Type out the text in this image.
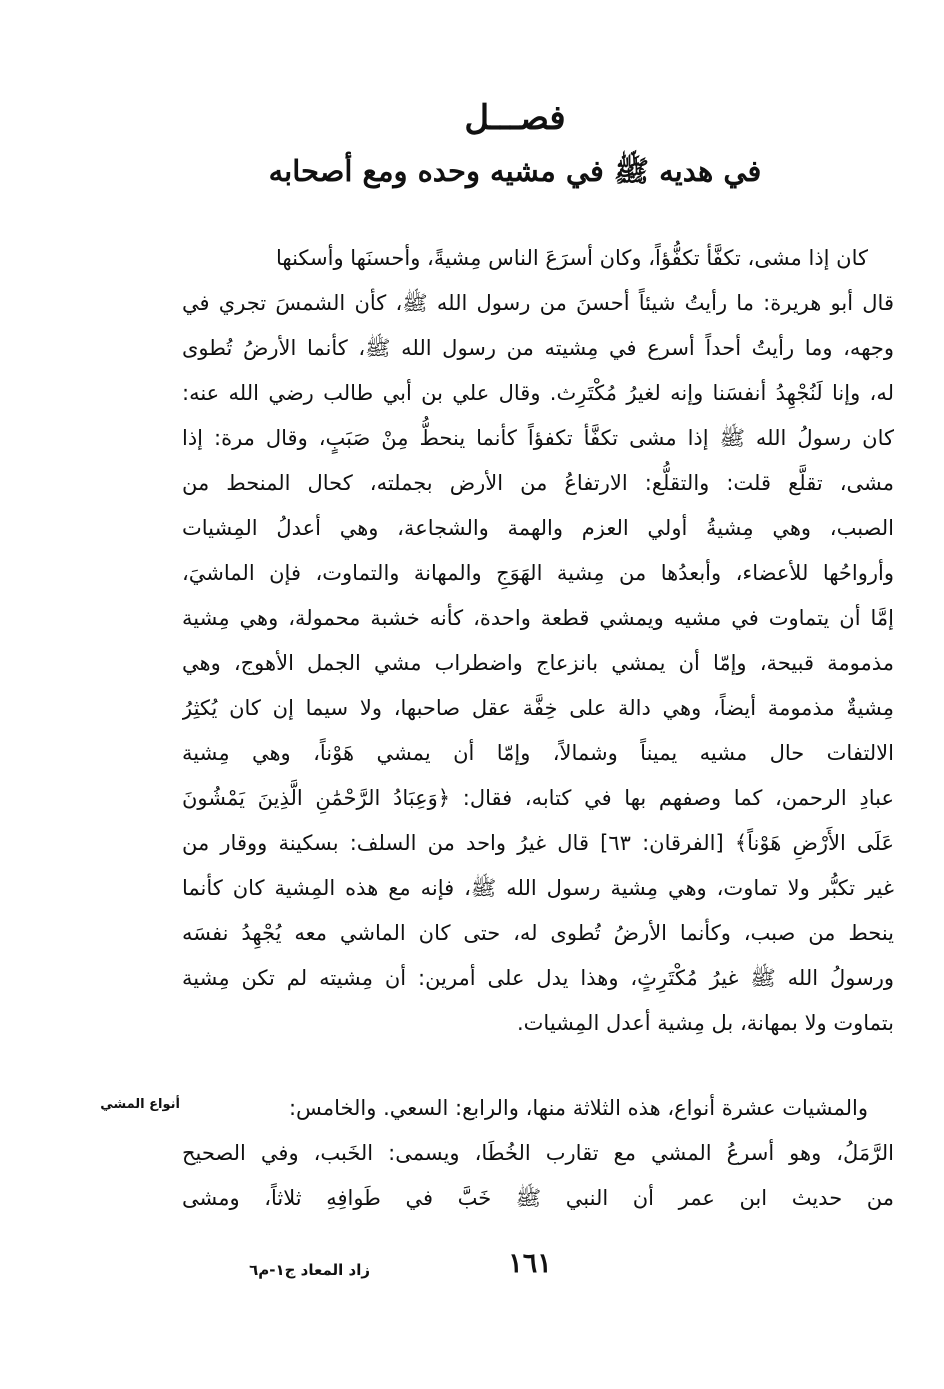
فصـــل
في هديه ﷺ في مشيه وحده ومع أصحابه
كان إذا مشى، تكفَّأ تكفُّؤاً، وكان أسرَعَ الناس مِشيةً، وأحسنَها وأسكنها
قال أبو هريرة: ما رأيتُ شيئاً أحسنَ من رسول الله ﷺ، كأن الشمسَ تجري في
وجهه، وما رأيتُ أحداً أسرع في مِشيته من رسول الله ﷺ، كأنما الأرضُ تُطوى
له، وإنا لَنُجْهِدُ أنفسَنا وإنه لغيرُ مُكْتَرِث. وقال علي بن أبي طالب رضي الله عنه:
كان رسولُ الله ﷺ إذا مشى تكفَّأ تكفؤاً كأنما ينحطُّ مِنْ صَبَبٍ، وقال مرة: إذا
مشى، تقلَّع قلت: والتقلُّع: الارتفاعُ من الأرض بجملته، كحال المنحط من
الصبب، وهي مِشيةُ أولي العزم والهمة والشجاعة، وهي أعدلُ المِشيات
وأرواحُها للأعضاء، وأبعدُها من مِشية الهَوَجِ والمهانة والتماوت، فإن الماشيَ،
إمَّا أن يتماوت في مشيه ويمشي قطعة واحدة، كأنه خشبة محمولة، وهي مِشية
مذمومة قبيحة، وإمّا أن يمشي بانزعاج واضطراب مشي الجمل الأهوج، وهي
مِشيةٌ مذمومة أيضاً، وهي دالة على خِفَّة عقل صاحبها، ولا سيما إن كان يُكثِرُ
الالتفات حال مشيه يميناً وشمالاً، وإمّا أن يمشي هَوْناً، وهي مِشية
عبادِ الرحمن، كما وصفهم بها في كتابه، فقال: ﴿وَعِبَادُ الرَّحْمَٰنِ الَّذِينَ يَمْشُونَ
عَلَى الأَرْضِ هَوْناً﴾ [الفرقان: ٦٣] قال غيرُ واحد من السلف: بسكينة ووقار من
غير تكبُّر ولا تماوت، وهي مِشية رسول الله ﷺ، فإنه مع هذه المِشية كان كأنما
ينحط من صبب، وكأنما الأرضُ تُطوى له، حتى كان الماشي معه يُجْهِدُ نفسَه
ورسولُ الله ﷺ غيرُ مُكْتَرِثٍ، وهذا يدل على أمرين: أن مِشيته لم تكن مِشية
بتماوت ولا بمهانة، بل مِشية أعدل المِشيات.
أنواع المشي	والمشيات عشرة أنواع، هذه الثلاثة منها، والرابع: السعي. والخامس:
الرَّمَلُ، وهو أسرعُ المشي مع تقارب الخُطَا، ويسمى: الخَبب، وفي الصحيح
من حديث ابن عمر أن النبي ﷺ خَبَّ في طَوافِهِ ثلاثاً، ومشى
١٦١
زاد المعاد ج١-م٦
